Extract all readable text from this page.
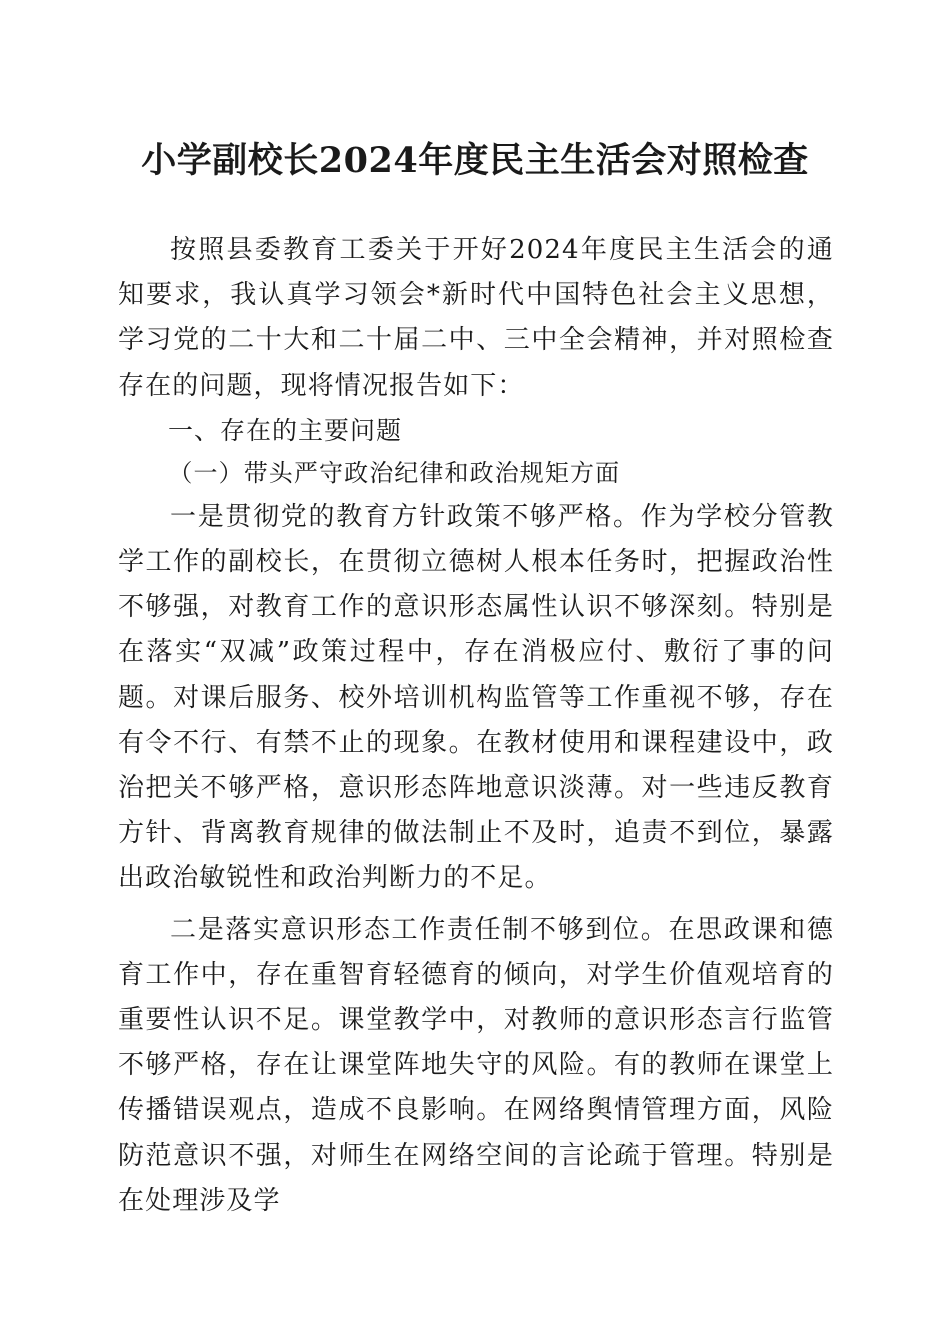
小学副校长2024年度民主生活会对照检查

按照县委教育工委关于开好2024年度民主生活会的通知要求，我认真学习领会*新时代中国特色社会主义思想，学习党的二十大和二十届二中、三中全会精神，并对照检查存在的问题，现将情况报告如下：

一、存在的主要问题

（一）带头严守政治纪律和政治规矩方面

一是贯彻党的教育方针政策不够严格。作为学校分管教学工作的副校长，在贯彻立德树人根本任务时，把握政治性不够强，对教育工作的意识形态属性认识不够深刻。特别是在落实“双减”政策过程中，存在消极应付、敷衍了事的问题。对课后服务、校外培训机构监管等工作重视不够，存在有令不行、有禁不止的现象。在教材使用和课程建设中，政治把关不够严格，意识形态阵地意识淡薄。对一些违反教育方针、背离教育规律的做法制止不及时，追责不到位，暴露出政治敏锐性和政治判断力的不足。

二是落实意识形态工作责任制不够到位。在思政课和德育工作中，存在重智育轻德育的倾向，对学生价值观培育的重要性认识不足。课堂教学中，对教师的意识形态言行监管不够严格，存在让课堂阵地失守的风险。有的教师在课堂上传播错误观点，造成不良影响。在网络舆情管理方面，风险防范意识不强，对师生在网络空间的言论疏于管理。特别是在处理涉及学
